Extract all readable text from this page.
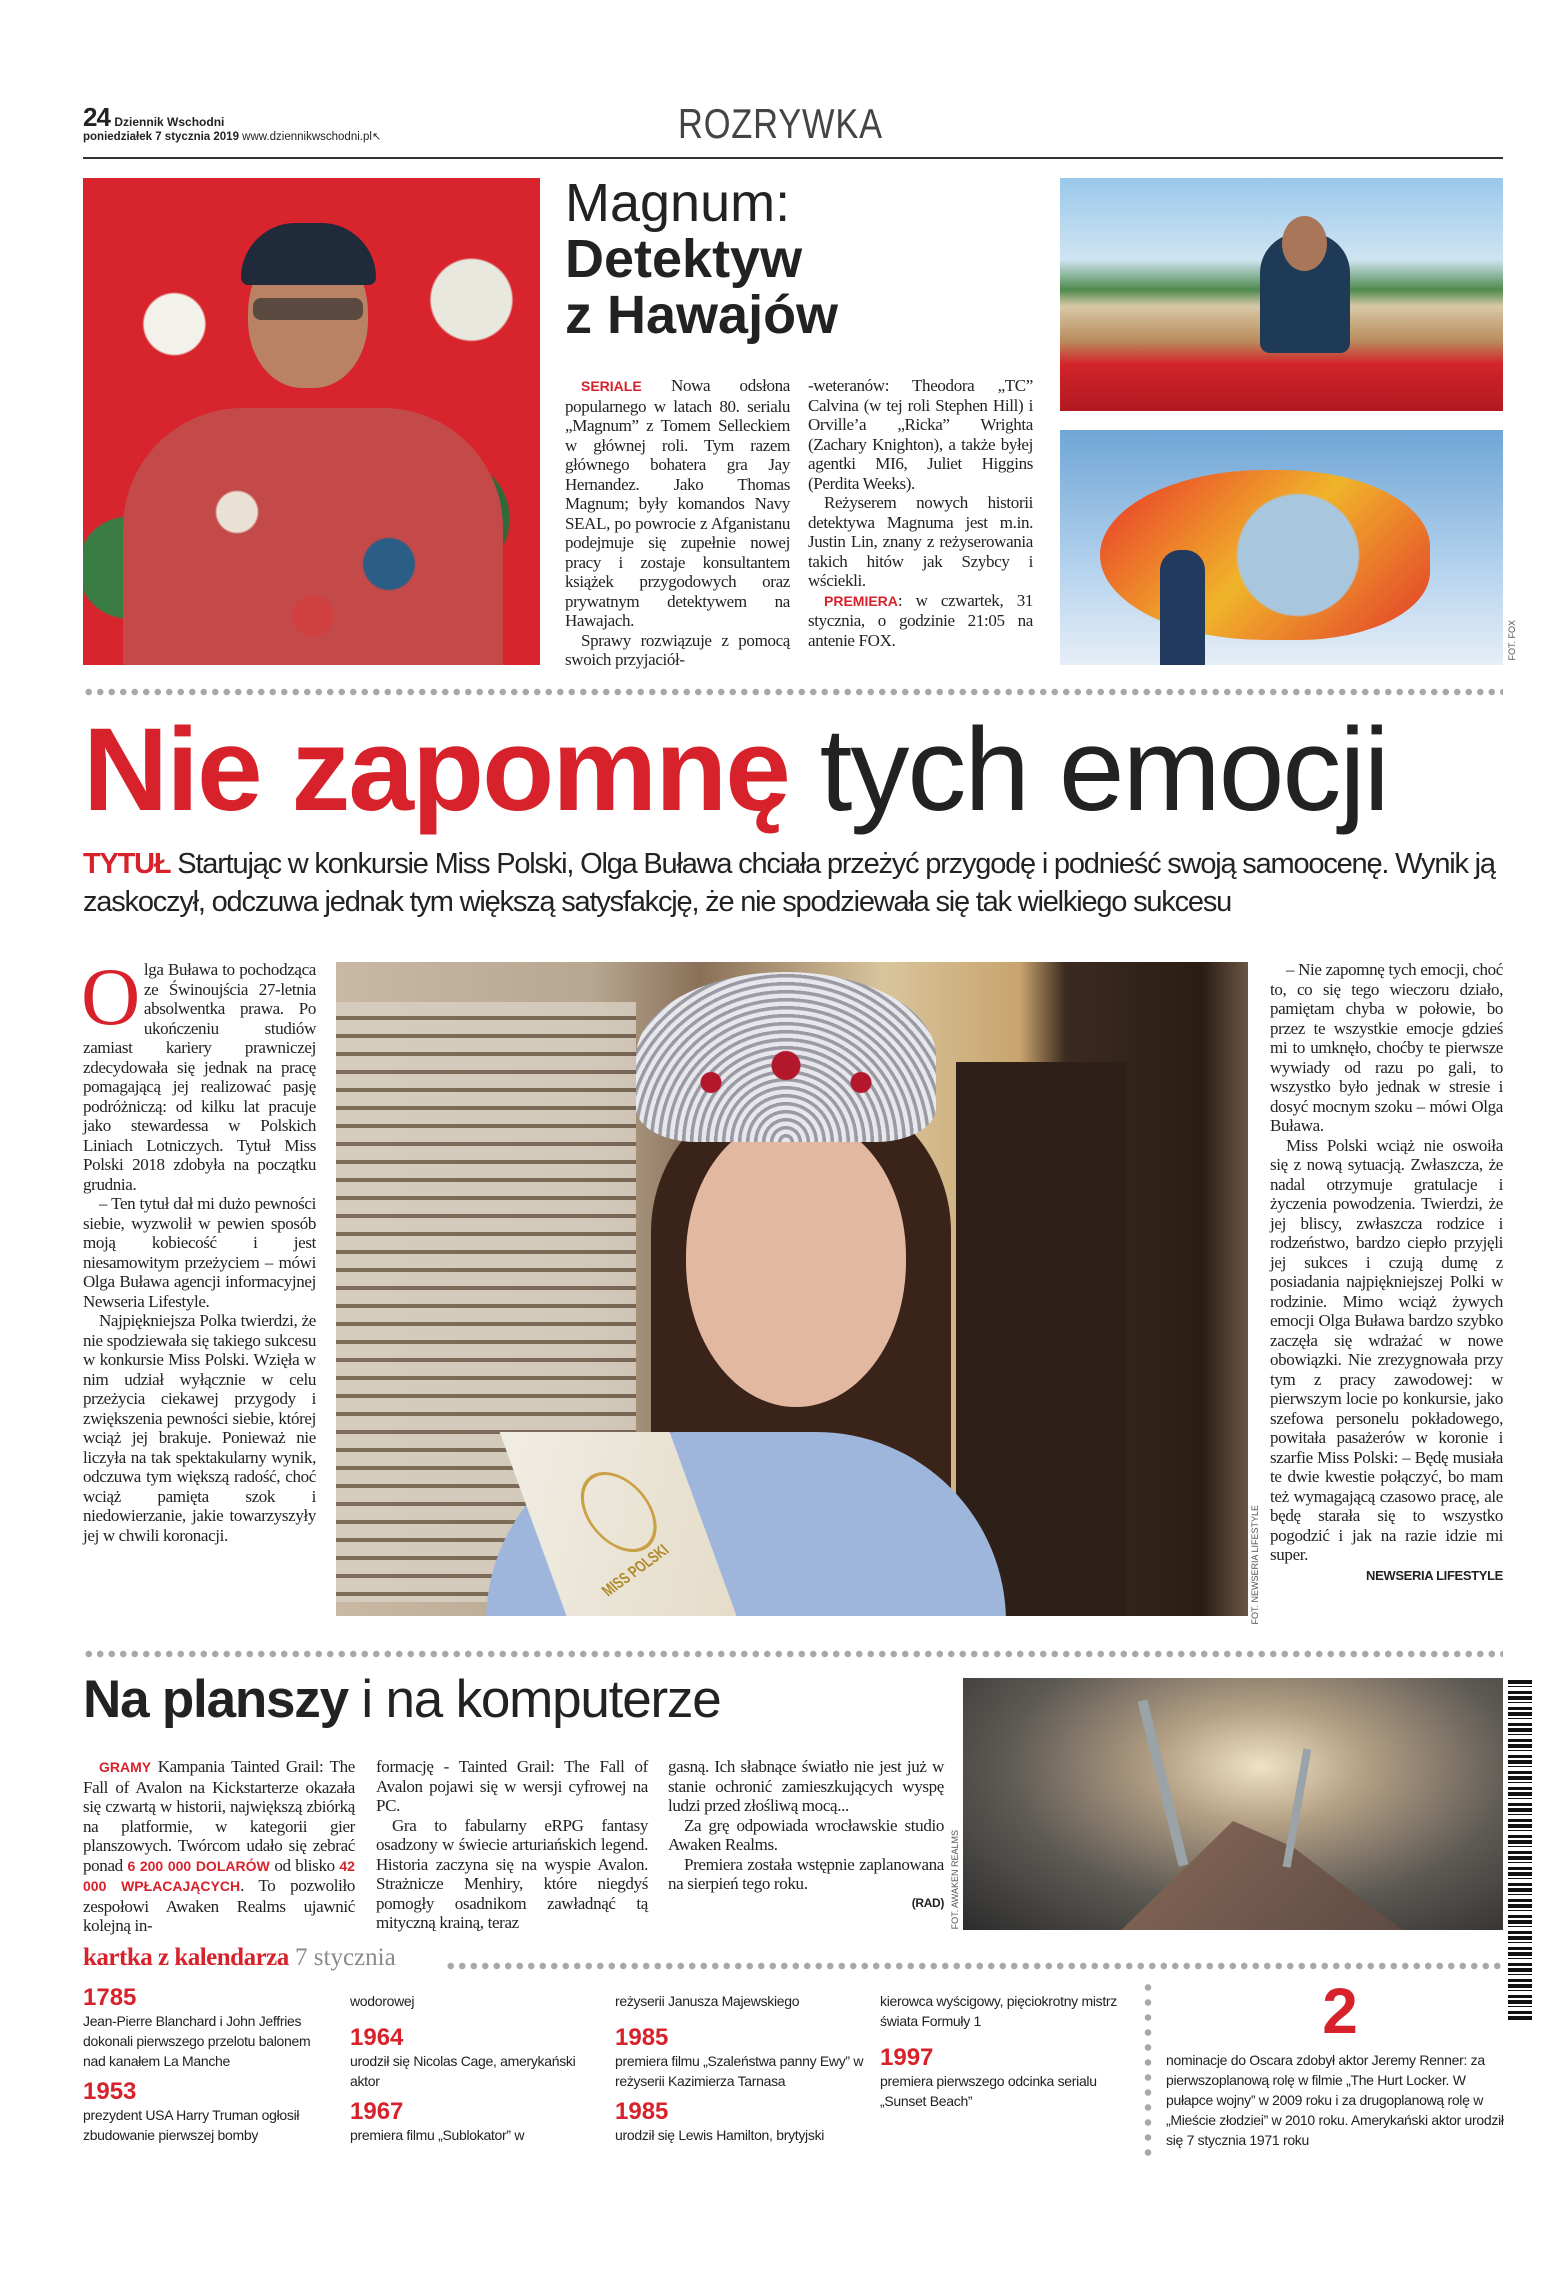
24 Dziennik Wschodni
poniedziałek 7 stycznia 2019 www.dziennikwschodni.pl↖	ROZRYWKA
Magnum:
Detektyw
z Hawajów

SERIALE Nowa odsłona popularnego w latach 80. serialu „Magnum” z Tomem Selleckiem w głównej roli. Tym razem głównego bohatera gra Jay Hernandez. Jako Thomas Magnum; były komandos Navy SEAL, po powrocie z Afganistanu podejmuje się zupełnie nowej pracy i zostaje konsultantem książek przygodowych oraz prywatnym detektywem na Hawajach.

Sprawy rozwiązuje z pomocą swoich przyjaciół-

-weteranów: Theodora „TC” Calvina (w tej roli Stephen Hill) i Orville’a „Ricka” Wrighta (Zachary Knighton), a także byłej agentki MI6, Juliet Higgins (Perdita Weeks).

Reżyserem nowych historii detektywa Magnuma jest m.in. Justin Lin, znany z reżyserowania takich hitów jak Szybcy i wściekli.

PREMIERA: w czwartek, 31 stycznia, o godzinie 21:05 na antenie FOX.	FOT. FOX
Nie zapomnę tych emocji
TYTUŁ Startując w konkursie Miss Polski, Olga Buława chciała przeżyć przygodę i podnieść swoją samoocenę. Wynik ją zaskoczył, odczuwa jednak tym większą satysfakcję, że nie spodziewała się tak wielkiego sukcesu

Olga Buława to pochodząca ze Świnoujścia 27-letnia absolwentka prawa. Po ukończeniu studiów zamiast kariery prawniczej zdecydowała się jednak na pracę pomagającą jej realizować pasję podróżniczą: od kilku lat pracuje jako stewardessa w Polskich Liniach Lotniczych. Tytuł Miss Polski 2018 zdobyła na początku grudnia.

– Ten tytuł dał mi dużo pewności siebie, wyzwolił w pewien sposób moją kobiecość i jest niesamowitym przeżyciem – mówi Olga Buława agencji informacyjnej Newseria Lifestyle.

Najpiękniejsza Polka twierdzi, że nie spodziewała się takiego sukcesu w konkursie Miss Polski. Wzięła w nim udział wyłącznie w celu przeżycia ciekawej przygody i zwiększenia pewności siebie, której wciąż jej brakuje. Ponieważ nie liczyła na tak spektakularny wynik, odczuwa tym większą radość, choć wciąż pamięta szok i niedowierzanie, jakie towarzyszyły jej w chwili koronacji.

MISS POLSKI	FOT. NEWSERIA LIFESTYLE

– Nie zapomnę tych emocji, choć to, co się tego wieczoru działo, pamiętam chyba w połowie, bo przez te wszystkie emocje gdzieś mi to umknęło, choćby te pierwsze wywiady od razu po gali, to wszystko było jednak w stresie i dosyć mocnym szoku – mówi Olga Buława.

Miss Polski wciąż nie oswoiła się z nową sytuacją. Zwłaszcza, że nadal otrzymuje gratulacje i życzenia powodzenia. Twierdzi, że jej bliscy, zwłaszcza rodzice i rodzeństwo, bardzo ciepło przyjęli jej sukces i czują dumę z posiadania najpiękniejszej Polki w rodzinie. Mimo wciąż żywych emocji Olga Buława bardzo szybko zaczęła się wdrażać w nowe obowiązki. Nie zrezygnowała przy tym z pracy zawodowej: w pierwszym locie po konkursie, jako szefowa personelu pokładowego, powitała pasażerów w koronie i szarfie Miss Polski: – Będę musiała te dwie kwestie połączyć, bo mam też wymagającą czasowo pracę, ale będę starała się to wszystko pogodzić i jak na razie idzie mi super.

NEWSERIA LIFESTYLE
Na planszy i na komputerze

GRAMY Kampania Tainted Grail: The Fall of Avalon na Kickstarterze okazała się czwartą w historii, największą zbiórką na platformie, w kategorii gier planszowych. Twórcom udało się zebrać ponad 6 200 000 DOLARÓW od blisko 42 000 WPŁACAJĄCYCH. To pozwoliło zespołowi Awaken Realms ujawnić kolejną in-

formację - Tainted Grail: The Fall of Avalon pojawi się w wersji cyfrowej na PC.

Gra to fabularny eRPG fantasy osadzony w świecie arturiańskich legend. Historia zaczyna się na wyspie Avalon. Strażnicze Menhiry, które niegdyś pomogły osadnikom zawładnąć tą mityczną krainą, teraz

gasną. Ich słabnące światło nie jest już w stanie ochronić zamieszkujących wyspę ludzi przed złośliwą mocą...

Za grę odpowiada wrocławskie studio Awaken Realms.

Premiera została wstępnie zaplanowana na sierpień tego roku.

(RAD) FOT. AWAKEN REALMS
kartka z kalendarza 7 stycznia
1785
Jean-Pierre Blanchard i John Jeffries dokonali pierwszego przelotu balonem nad kanałem La Manche
1953
prezydent USA Harry Truman ogłosił zbudowanie pierwszej bomby
wodorowej
1964
urodził się Nicolas Cage, amerykański aktor
1967
premiera filmu „Sublokator” w
reżyserii Janusza Majewskiego
1985
premiera filmu „Szaleństwa panny Ewy” w reżyserii Kazimierza Tarnasa
1985
urodził się Lewis Hamilton, brytyjski
kierowca wyścigowy, pięciokrotny mistrz świata Formuły 1
1997
premiera pierwszego odcinka serialu „Sunset Beach”
2
nominacje do Oscara zdobył aktor Jeremy Renner: za pierwszoplanową rolę w filmie „The Hurt Locker. W pułapce wojny” w 2009 roku i za drugoplanową rolę w „Mieście złodziei” w 2010 roku. Amerykański aktor urodził się 7 stycznia 1971 roku
